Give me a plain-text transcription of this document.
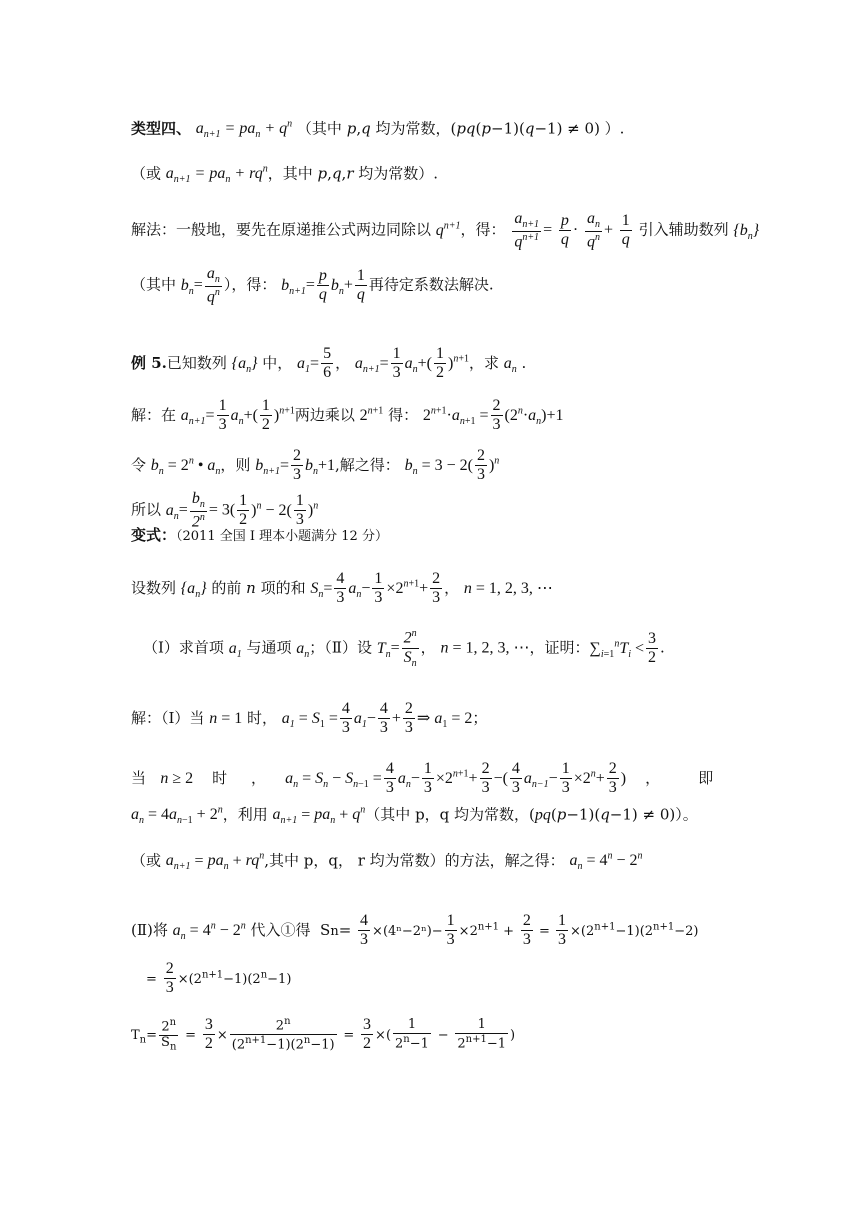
类型四、 $a_{n+1} = pa_n + q^n$ （其中 p,q 均为常数，(pq(p−1)(q−1) ≠ 0) ）.
（或 $a_{n+1} = pa_n + rq^n$，其中 p,q,r 均为常数）.
解法：一般地，要先在原递推公式两边同除以 $q^{n+1}$，得： $\frac{a_{n+1}}{q^{n+1}} = \frac{p}{q} \cdot \frac{a_n}{q^n} + \frac{1}{q}$ 引入辅助数列 $\{b_n\}$
（其中 $b_n= \frac{a_n}{q^n}$ ），得： $b_{n+1}= \frac{p}{q} b_n+ \frac{1}{q}$ 再待定系数法解决.
例 5.已知数列 $\{a_n\}$ 中， $a_1= \frac{5}{6}$ ， $a_{n+1}= \frac{1}{3} a_n+( \frac{1}{2} )^{n+1}$，求 $a_n$ .
解：在 $a_{n+1}= \frac{1}{3} a_n+( \frac{1}{2} )^{n+1}$两边乘以 $2^{n+1}$ 得： $2^{n+1}\cdot a_{n+1} = \frac{2}{3} (2^n\cdot a_n)+1$
令 $b_n = 2^n$ • $a_n$，则 $b_{n+1}= \frac{2}{3} b_n+1$,解之得： $b_n = 3 - 2( \frac{2}{3} )^n$
所以 $a_n= \frac{b_n}{2^n} = 3( \frac{1}{2} )^n - 2( \frac{1}{3} )^n$
变式：（2011 全国 I 理本小题满分 12 分）
设数列 $\{a_n\}$ 的前 n 项的和 $S_n= \frac{4}{3} a_n- \frac{1}{3} \times 2^{n+1}+ \frac{2}{3}$ ， n = 1, 2, 3, ⋯
（Ⅰ）求首项 $a_1$ 与通项 $a_n$；（Ⅱ）设 $T_n= \frac{2^n}{S_n}$ ， n = 1, 2, 3, ⋯，证明：$\sum_{i=1}^nT_i < \frac{3}{2}$ .
解：（I）当 n = 1 时， $a_1 = S_1 = \frac{4}{3} a_1- \frac{4}{3} + \frac{2}{3}$ ⇒ $a_1 = 2$；
当   n ≥ 2    时     ，    $a_n = S_n - S_{n-1} = \frac{4}{3} a_n- \frac{1}{3} \times 2^{n+1}+ \frac{2}{3}$ −( $\frac{4}{3} a_{n-1}- \frac{1}{3} \times 2^n+ \frac{2}{3}$ )    ，        即
$a_n = 4a_{n-1} + 2^n$，利用 $a_{n+1} = pa_n + q^n$（其中 p，q 均为常数，(pq(p−1)(q−1) ≠ 0)）。
（或 $a_{n+1} = pa_n + rq^n$,其中 p，q， r 均为常数）的方法，解之得： $a_n = 4^n - 2^n$
(Ⅱ)将 $a_n = 4^n - 2^n$ 代入①得  $Sn= \frac{4}{3} \times(4^n-2^n)- \frac{1}{3} \times 2^{n+1} + \frac{2}{3} = \frac{1}{3} \times(2^{n+1}-1)(2^{n+1}-2)$
= $\frac{2}{3} \times(2^{n+1}-1)(2^n-1)$
$T_n= \frac{2^n}{S_n} = \frac{3}{2} \times \frac{2^n}{(2^{n+1}-1)(2^n-1)} = \frac{3}{2}$ ×( $\frac{1}{2^n-1} - \frac{1}{2^{n+1}-1}$ )
